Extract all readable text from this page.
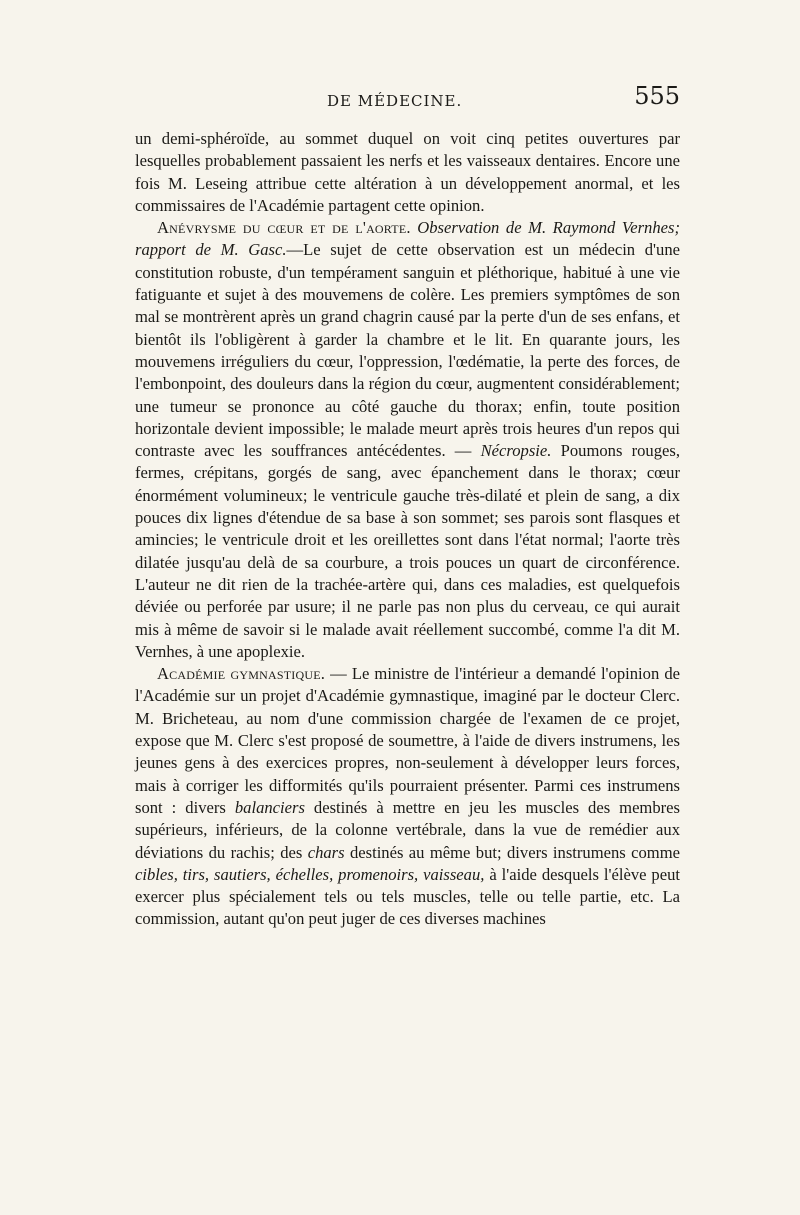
DE MÉDECINE.	555

un demi-sphéroïde, au sommet duquel on voit cinq petites ouvertures par lesquelles probablement passaient les nerfs et les vaisseaux dentaires. Encore une fois M. Leseing attribue cette altération à un développement anormal, et les commissaires de l'Académie partagent cette opinion.

Anévrysme du cœur et de l'aorte. Observation de M. Raymond Vernhes; rapport de M. Gasc.—Le sujet de cette observation est un médecin d'une constitution robuste, d'un tempérament sanguin et pléthorique, habitué à une vie fatiguante et sujet à des mouvemens de colère. Les premiers symptômes de son mal se montrèrent après un grand chagrin causé par la perte d'un de ses enfans, et bientôt ils l'obligèrent à garder la chambre et le lit. En quarante jours, les mouvemens irréguliers du cœur, l'oppression, l'œdématie, la perte des forces, de l'embonpoint, des douleurs dans la région du cœur, augmentent considérablement; une tumeur se prononce au côté gauche du thorax; enfin, toute position horizontale devient impossible; le malade meurt après trois heures d'un repos qui contraste avec les souffrances antécédentes. — Nécropsie. Poumons rouges, fermes, crépitans, gorgés de sang, avec épanchement dans le thorax; cœur énormément volumineux; le ventricule gauche très-dilaté et plein de sang, a dix pouces dix lignes d'étendue de sa base à son sommet; ses parois sont flasques et amincies; le ventricule droit et les oreillettes sont dans l'état normal; l'aorte très dilatée jusqu'au delà de sa courbure, a trois pouces un quart de circonférence. L'auteur ne dit rien de la trachée-artère qui, dans ces maladies, est quelquefois déviée ou perforée par usure; il ne parle pas non plus du cerveau, ce qui aurait mis à même de savoir si le malade avait réellement succombé, comme l'a dit M. Vernhes, à une apoplexie.

Académie gymnastique. — Le ministre de l'intérieur a demandé l'opinion de l'Académie sur un projet d'Académie gymnastique, imaginé par le docteur Clerc. M. Bricheteau, au nom d'une commission chargée de l'examen de ce projet, expose que M. Clerc s'est proposé de soumettre, à l'aide de divers instrumens, les jeunes gens à des exercices propres, non-seulement à développer leurs forces, mais à corriger les difformités qu'ils pourraient présenter. Parmi ces instrumens sont : divers balanciers destinés à mettre en jeu les muscles des membres supérieurs, inférieurs, de la colonne vertébrale, dans la vue de remédier aux déviations du rachis; des chars destinés au même but; divers instrumens comme cibles, tirs, sautiers, échelles, promenoirs, vaisseau, à l'aide desquels l'élève peut exercer plus spécialement tels ou tels muscles, telle ou telle partie, etc. La commission, autant qu'on peut juger de ces diverses machines
